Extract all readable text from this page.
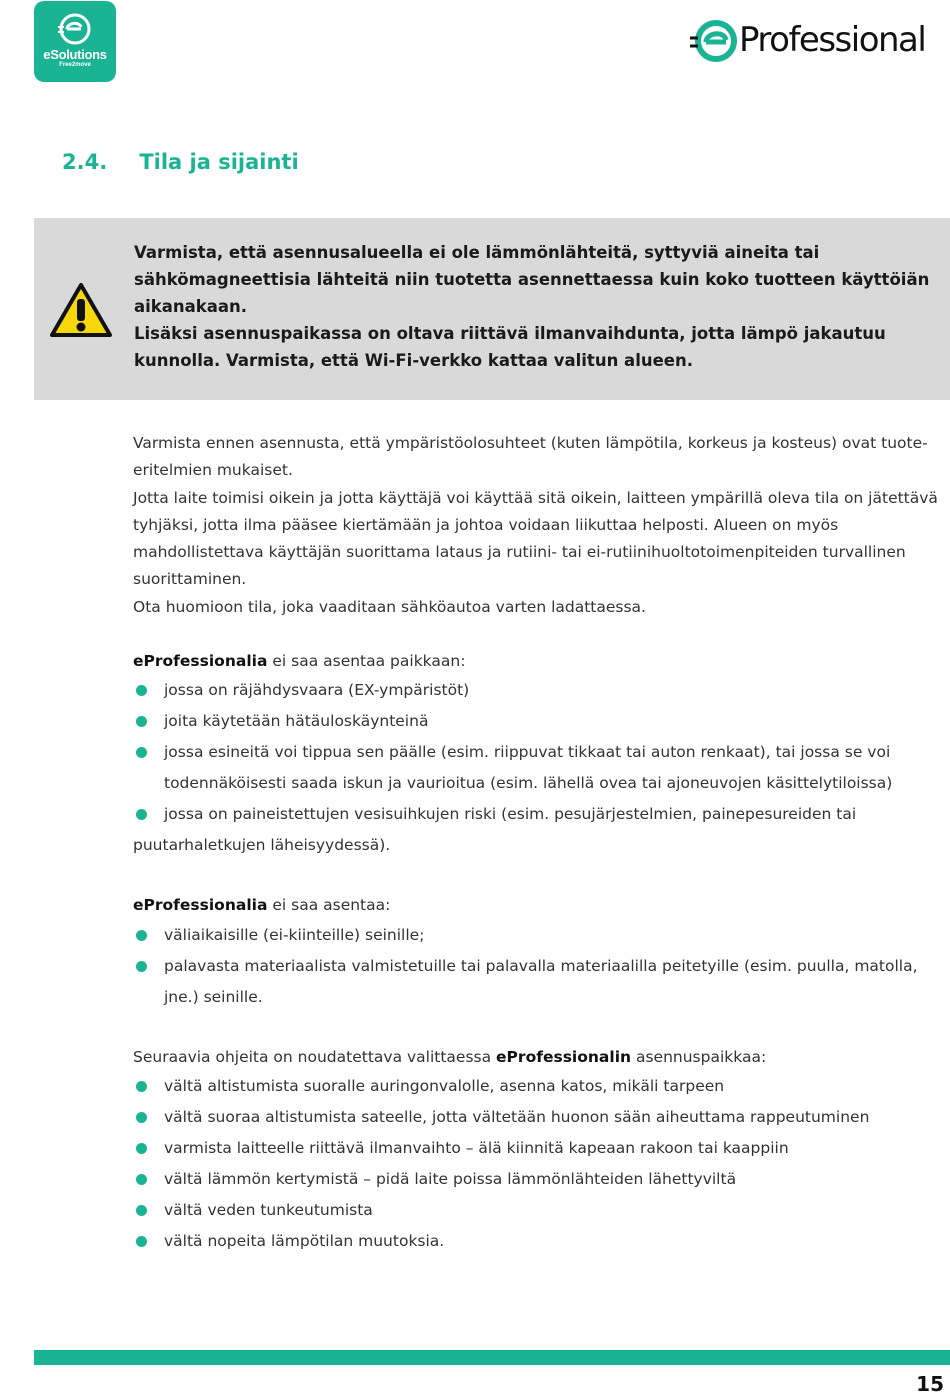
eSolutions
Free2move
Professional
2.4. Tila ja sijainti

Varmista, että asennusalueella ei ole lämmönlähteitä, syttyviä aineita tai sähkömagneettisia lähteitä niin tuotetta asennettaessa kuin koko tuotteen käyttöiän aikanakaan.

Lisäksi asennuspaikassa on oltava riittävä ilmanvaihdunta, jotta lämpö jakautuu kunnolla. Varmista, että Wi-Fi-verkko kattaa valitun alueen.

Varmista ennen asennusta, että ympäristöolosuhteet (kuten lämpötila, korkeus ja kosteus) ovat tuote-eritelmien mukaiset.

Jotta laite toimisi oikein ja jotta käyttäjä voi käyttää sitä oikein, laitteen ympärillä oleva tila on jätettävä tyhjäksi, jotta ilma pääsee kiertämään ja johtoa voidaan liikuttaa helposti. Alueen on myös mahdollistettava käyttäjän suorittama lataus ja rutiini- tai ei-rutiinihuoltotoimenpiteiden turvallinen suorittaminen.

Ota huomioon tila, joka vaaditaan sähköautoa varten ladattaessa.

eProfessionalia ei saa asentaa paikkaan:

jossa on räjähdysvaara (EX-ympäristöt)
joita käytetään hätäuloskäynteinä
jossa esineitä voi tippua sen päälle (esim. riippuvat tikkaat tai auton renkaat), tai jossa se voi todennäköisesti saada iskun ja vaurioitua (esim. lähellä ovea tai ajoneuvojen käsittelytiloissa)
jossa on paineistettujen vesisuihkujen riski (esim. pesujärjestelmien, painepesureiden tai puutarhaletkujen läheisyydessä).

eProfessionalia ei saa asentaa:

väliaikaisille (ei-kiinteille) seinille;
palavasta materiaalista valmistetuille tai palavalla materiaalilla peitetyille (esim. puulla, matolla, jne.) seinille.

Seuraavia ohjeita on noudatettava valittaessa eProfessionalin asennuspaikkaa:

vältä altistumista suoralle auringonvalolle, asenna katos, mikäli tarpeen
vältä suoraa altistumista sateelle, jotta vältetään huonon sään aiheuttama rappeutuminen
varmista laitteelle riittävä ilmanvaihto – älä kiinnitä kapeaan rakoon tai kaappiin
vältä lämmön kertymistä – pidä laite poissa lämmönlähteiden lähettyviltä
vältä veden tunkeutumista
vältä nopeita lämpötilan muutoksia.
15
